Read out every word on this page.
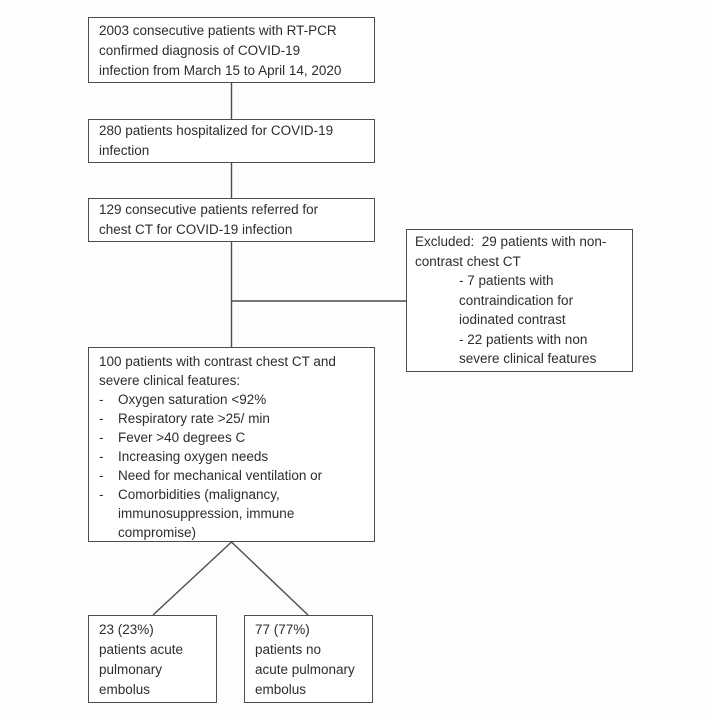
2003 consecutive patients with RT-PCR
confirmed diagnosis of COVID-19
infection from March 15 to April 14, 2020
280 patients hospitalized for COVID-19
infection
129 consecutive patients referred for
chest CT for COVID-19 infection
Excluded:  29 patients with non-
contrast chest CT
- 7 patients with
contraindication for
iodinated contrast
- 22 patients with non
severe clinical features
100 patients with contrast chest CT and
severe clinical features:
-	Oxygen saturation <92%
-	Respiratory rate >25/ min
-	Fever >40 degrees C
-	Increasing oxygen needs
-	Need for mechanical ventilation or
-	Comorbidities (malignancy,
immunosuppression, immune
compromise)
23 (23%)
patients acute
pulmonary
embolus
77 (77%)
patients no
acute pulmonary
embolus
